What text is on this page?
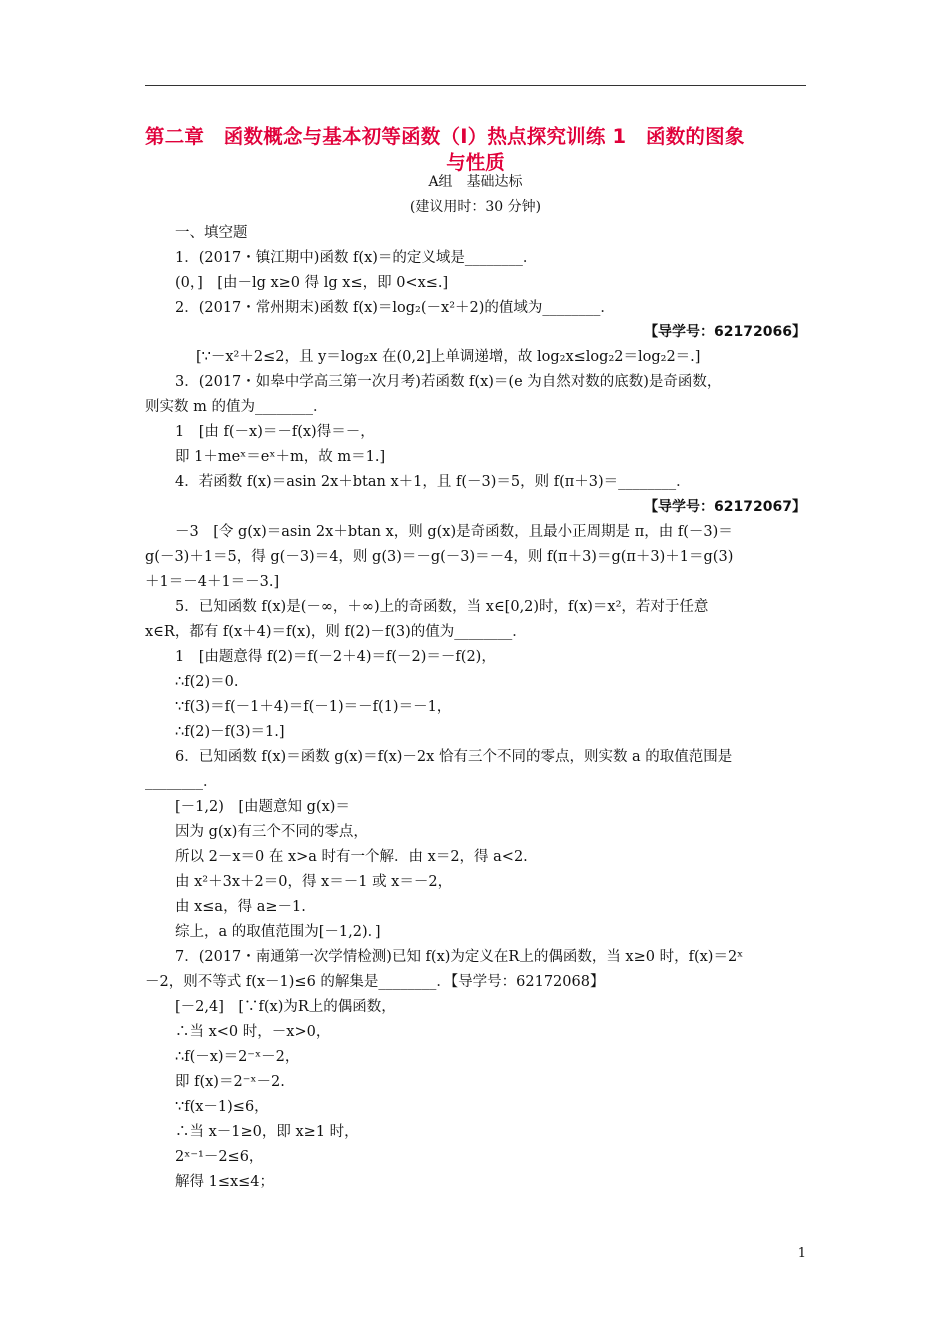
第二章　函数概念与基本初等函数（Ⅰ）热点探究训练 1　函数的图象
与性质
A组　基础达标
(建议用时：30 分钟)
一、填空题
1．(2017・镇江期中)函数 f(x)＝的定义域是________．
(0，]　[由－lg x≥0 得 lg x≤，即 0<x≤.]
2．(2017・常州期末)函数 f(x)＝log₂(－x²＋2)的值域为________．
[∵－x²＋2≤2，且 y＝log₂x 在(0,2]上单调递增，故 log₂x≤log₂2＝log₂2＝.]
3．(2017・如皋中学高三第一次月考)若函数 f(x)＝(e 为自然对数的底数)是奇函数，
则实数 m 的值为________．
1　[由 f(－x)＝－f(x)得＝－，
即 1＋meˣ＝eˣ＋m，故 m＝1.]
4．若函数 f(x)＝asin 2x＋btan x＋1，且 f(－3)＝5，则 f(π＋3)＝________．
－3　[令 g(x)＝asin 2x＋btan x，则 g(x)是奇函数，且最小正周期是 π，由 f(－3)＝
g(－3)＋1＝5，得 g(－3)＝4，则 g(3)＝－g(－3)＝－4，则 f(π＋3)＝g(π＋3)＋1＝g(3)
＋1＝－4＋1＝－3.]
5．已知函数 f(x)是(－∞，＋∞)上的奇函数，当 x∈[0,2)时，f(x)＝x²，若对于任意
x∈R，都有 f(x＋4)＝f(x)，则 f(2)－f(3)的值为________．
1　[由题意得 f(2)＝f(－2＋4)＝f(－2)＝－f(2)，
∴f(2)＝0.
∵f(3)＝f(－1＋4)＝f(－1)＝－f(1)＝－1，
∴f(2)－f(3)＝1.]
6．已知函数 f(x)＝函数 g(x)＝f(x)－2x 恰有三个不同的零点，则实数 a 的取值范围是
________．
[－1,2)　[由题意知 g(x)＝
因为 g(x)有三个不同的零点，
所以 2－x＝0 在 x>a 时有一个解．由 x＝2，得 a<2.
由 x²＋3x＋2＝0，得 x＝－1 或 x＝－2，
由 x≤a，得 a≥－1.
综上，a 的取值范围为[－1,2)．]
7．(2017・南通第一次学情检测)已知 f(x)为定义在R上的偶函数，当 x≥0 时，f(x)＝2ˣ
－2，则不等式 f(x－1)≤6 的解集是________．【导学号：62172068】
[－2,4]　[∵f(x)为R上的偶函数，
∴当 x<0 时，－x>0，
∴f(－x)＝2⁻ˣ－2，
即 f(x)＝2⁻ˣ－2.
∵f(x－1)≤6，
∴当 x－1≥0，即 x≥1 时，
2ˣ⁻¹－2≤6，
解得 1≤x≤4；
【导学号：62172066】
【导学号：62172067】
1
